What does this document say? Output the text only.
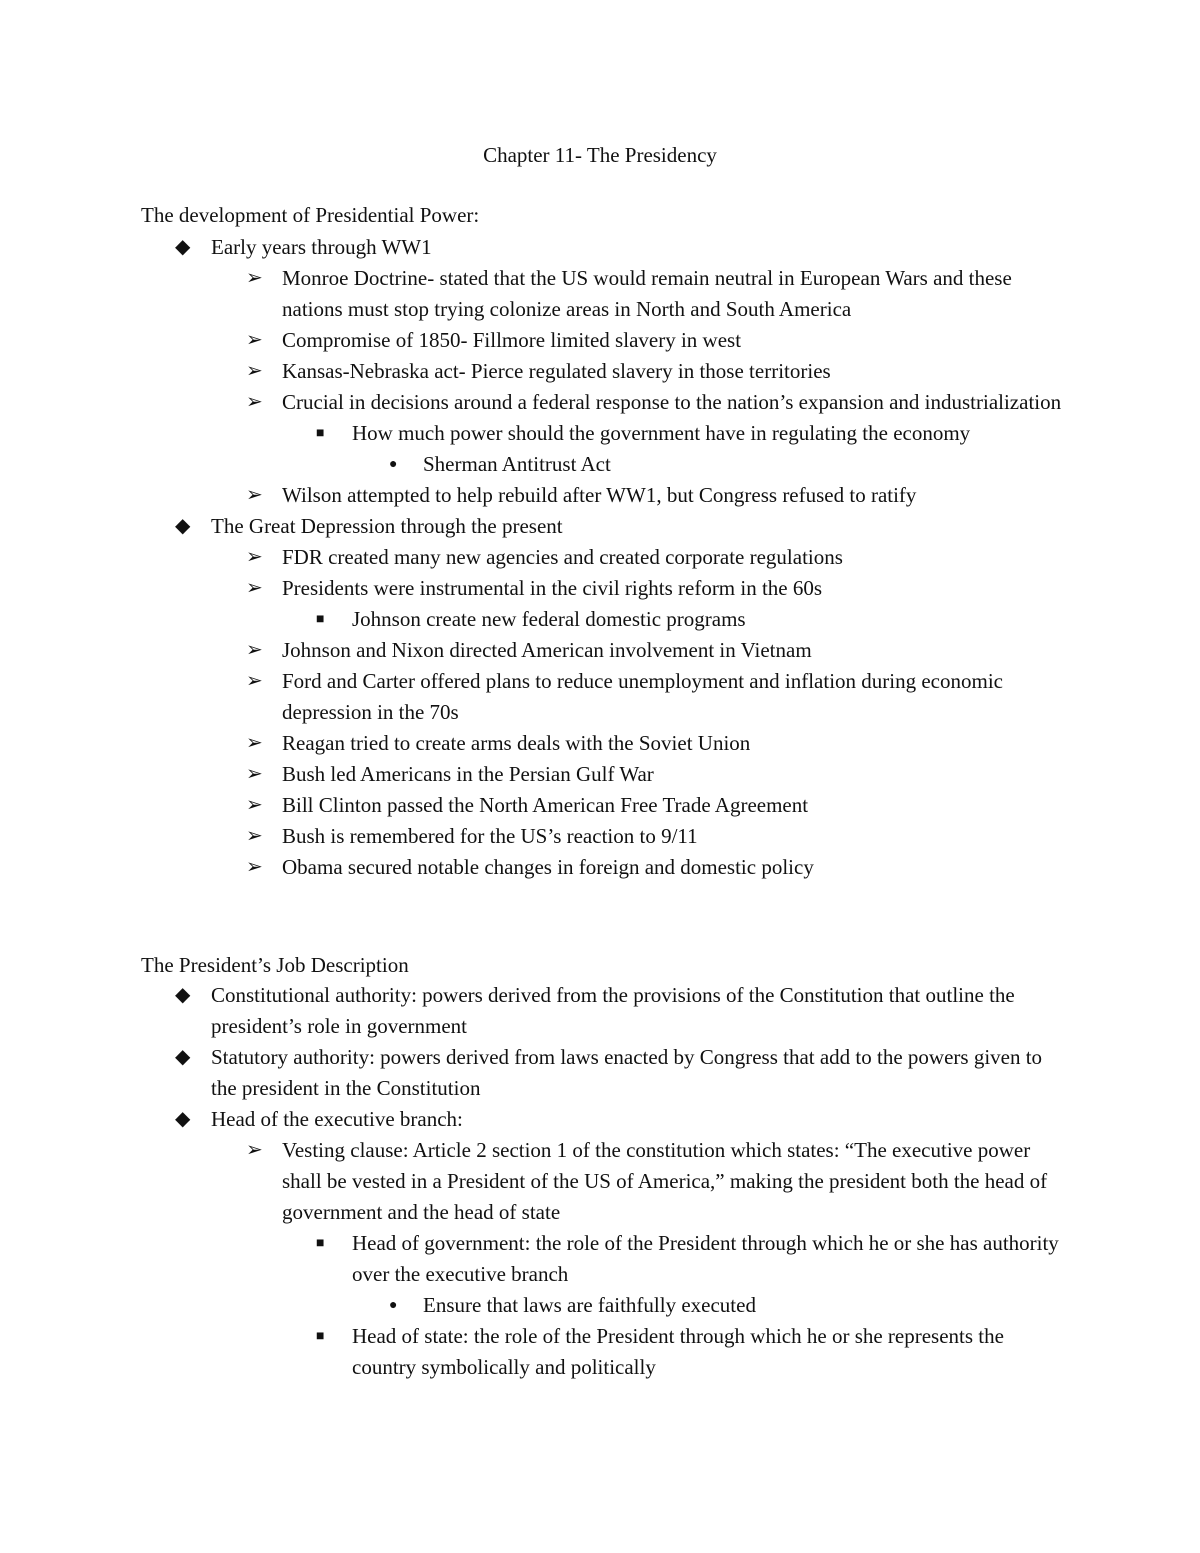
Chapter 11- The Presidency
The development of Presidential Power:
◆ Early years through WW1
➢ Monroe Doctrine- stated that the US would remain neutral in European Wars and these nations must stop trying colonize areas in North and South America
➢ Compromise of 1850- Fillmore limited slavery in west
➢ Kansas-Nebraska act- Pierce regulated slavery in those territories
➢ Crucial in decisions around a federal response to the nation’s expansion and industrialization
■ How much power should the government have in regulating the economy
● Sherman Antitrust Act
➢ Wilson attempted to help rebuild after WW1, but Congress refused to ratify
◆ The Great Depression through the present
➢ FDR created many new agencies and created corporate regulations
➢ Presidents were instrumental in the civil rights reform in the 60s
■ Johnson create new federal domestic programs
➢ Johnson and Nixon directed American involvement in Vietnam
➢ Ford and Carter offered plans to reduce unemployment and inflation during economic depression in the 70s
➢ Reagan tried to create arms deals with the Soviet Union
➢ Bush led Americans in the Persian Gulf War
➢ Bill Clinton passed the North American Free Trade Agreement
➢ Bush is remembered for the US’s reaction to 9/11
➢ Obama secured notable changes in foreign and domestic policy
The President’s Job Description
◆ Constitutional authority: powers derived from the provisions of the Constitution that outline the president’s role in government
◆ Statutory authority: powers derived from laws enacted by Congress that add to the powers given to the president in the Constitution
◆ Head of the executive branch:
➢ Vesting clause: Article 2 section 1 of the constitution which states: “The executive power shall be vested in a President of the US of America,” making the president both the head of government and the head of state
■ Head of government: the role of the President through which he or she has authority over the executive branch
● Ensure that laws are faithfully executed
■ Head of state: the role of the President through which he or she represents the country symbolically and politically
